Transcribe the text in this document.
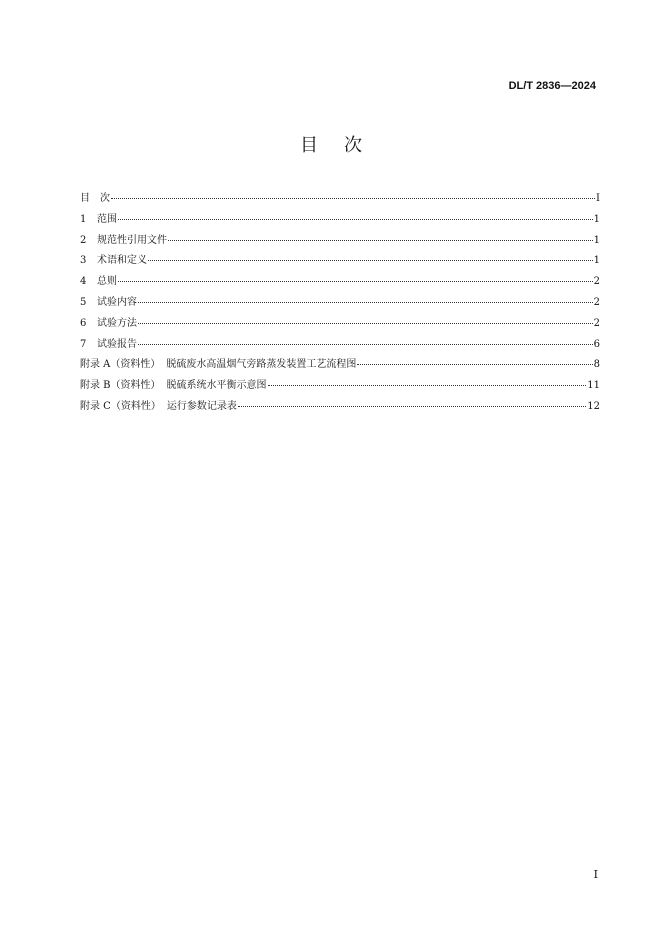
DL/T 2836—2024
目 次
目　次	I
1	范围	1
2	规范性引用文件	1
3	术语和定义	1
4	总则	2
5	试验内容	2
6	试验方法	2
7	试验报告	6
附录 A（资料性） 脱硫废水高温烟气旁路蒸发装置工艺流程图	8
附录 B（资料性） 脱硫系统水平衡示意图	11
附录 C（资料性） 运行参数记录表	12
I
